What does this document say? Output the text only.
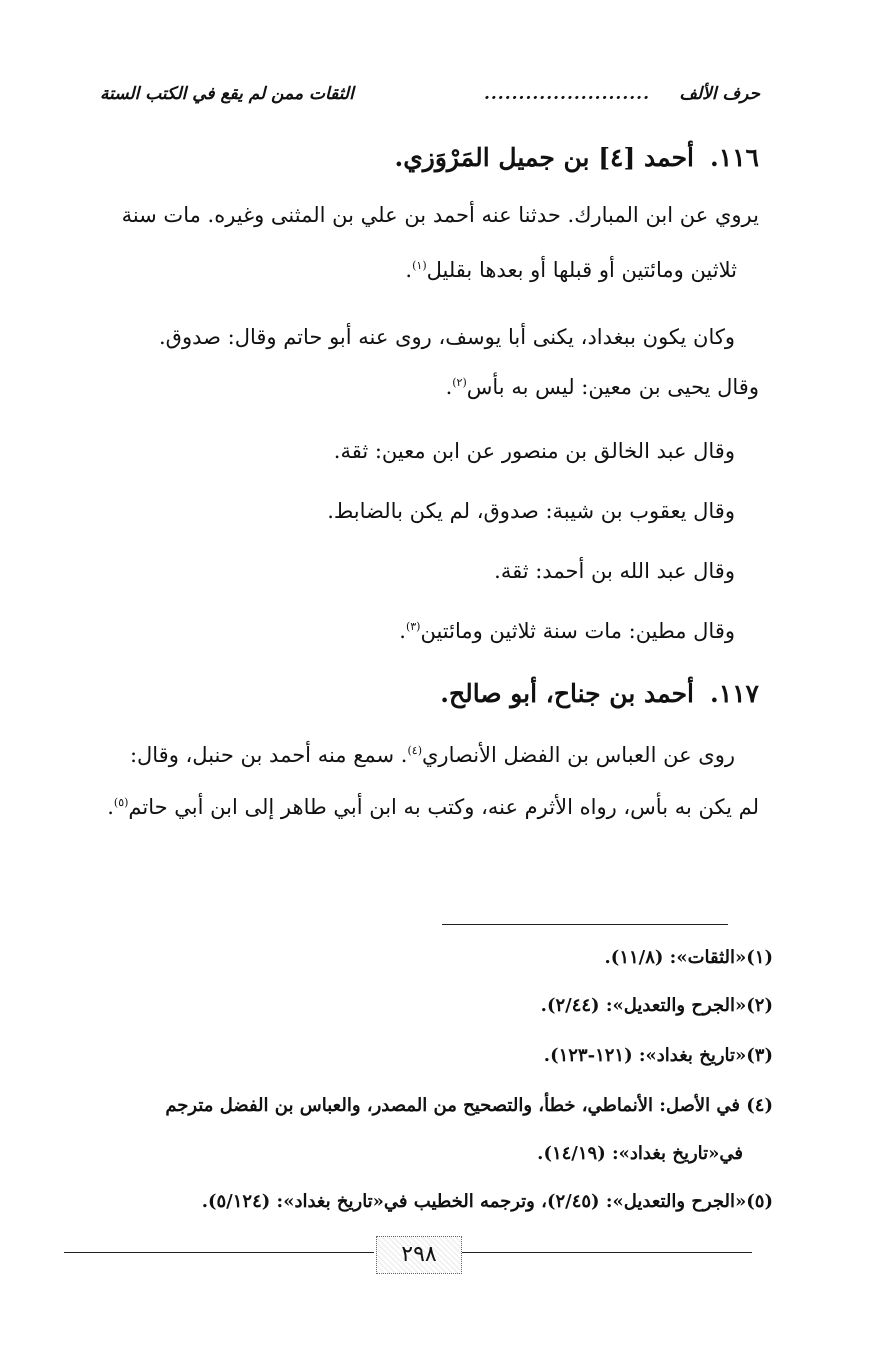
حرف الألف
........................
الثقات ممن لم يقع في الكتب الستة
١١٦.أحمد [٤] بن جميل المَرْوَزي.
يروي عن ابن المبارك. حدثنا عنه أحمد بن علي بن المثنى وغيره. مات سنة
ثلاثين ومائتين أو قبلها أو بعدها بقليل$^{(١)}$.
وكان يكون ببغداد، يكنى أبا يوسف، روى عنه أبو حاتم وقال: صدوق.
وقال يحيى بن معين: ليس به بأس$^{(٢)}$.
وقال عبد الخالق بن منصور عن ابن معين: ثقة.
وقال يعقوب بن شيبة: صدوق، لم يكن بالضابط.
وقال عبد الله بن أحمد: ثقة.
وقال مطين: مات سنة ثلاثين ومائتين$^{(٣)}$.
١١٧.أحمد بن جناح، أبو صالح.
روى عن العباس بن الفضل الأنصاري$^{(٤)}$. سمع منه أحمد بن حنبل، وقال:
لم يكن به بأس، رواه الأثرم عنه، وكتب به ابن أبي طاهر إلى ابن أبي حاتم$^{(٥)}$.
(١)«الثقات»: (١١/٨).
(٢)«الجرح والتعديل»: (٢/٤٤).
(٣)«تاريخ بغداد»: (١٢١-١٢٣).
(٤) في الأصل: الأنماطي، خطأ، والتصحيح من المصدر، والعباس بن الفضل مترجم
في«تاريخ بغداد»: (١٤/١٩).
(٥)«الجرح والتعديل»: (٢/٤٥)، وترجمه الخطيب في«تاريخ بغداد»: (٥/١٢٤).
٢٩٨
